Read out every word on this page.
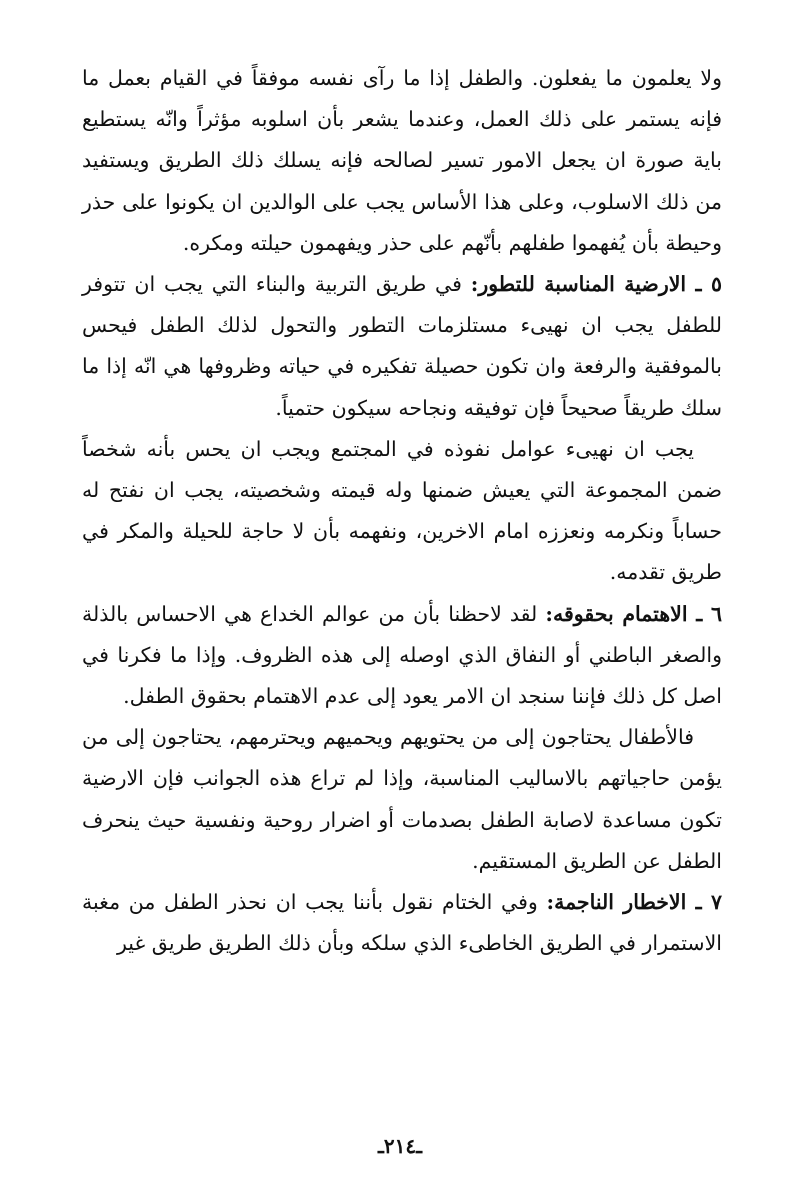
ولا يعلمون ما يفعلون. والطفل إذا ما رآى نفسه موفقاً في القيام بعمل ما فإنه يستمر على ذلك العمل، وعندما يشعر بأن اسلوبه مؤثراً وانّه يستطيع باية صورة ان يجعل الامور تسير لصالحه فإنه يسلك ذلك الطريق ويستفيد من ذلك الاسلوب، وعلى هذا الأساس يجب على الوالدين ان يكونوا على حذر وحيطة بأن يُفهموا طفلهم بأنّهم على حذر ويفهمون حيلته ومكره.

٥ ـ الارضية المناسبة للتطور: في طريق التربية والبناء التي يجب ان تتوفر للطفل يجب ان نهيىء مستلزمات التطور والتحول لذلك الطفل فيحس بالموفقية والرفعة وان تكون حصيلة تفكيره في حياته وظروفها هي انّه إذا ما سلك طريقاً صحيحاً فإن توفيقه ونجاحه سيكون حتمياً.

يجب ان نهيىء عوامل نفوذه في المجتمع ويجب ان يحس بأنه شخصاً ضمن المجموعة التي يعيش ضمنها وله قيمته وشخصيته، يجب ان نفتح له حساباً ونكرمه ونعززه امام الاخرين، ونفهمه بأن لا حاجة للحيلة والمكر في طريق تقدمه.

٦ ـ الاهتمام بحقوقه: لقد لاحظنا بأن من عوالم الخداع هي الاحساس بالذلة والصغر الباطني أو النفاق الذي اوصله إلى هذه الظروف. وإذا ما فكرنا في اصل كل ذلك فإننا سنجد ان الامر يعود إلى عدم الاهتمام بحقوق الطفل.

فالأطفال يحتاجون إلى من يحتويهم ويحميهم ويحترمهم، يحتاجون إلى من يؤمن حاجياتهم بالاساليب المناسبة، وإذا لم تراع هذه الجوانب فإن الارضية تكون مساعدة لاصابة الطفل بصدمات أو اضرار روحية ونفسية حيث ينحرف الطفل عن الطريق المستقيم.

٧ ـ الاخطار الناجمة: وفي الختام نقول بأننا يجب ان نحذر الطفل من مغبة الاستمرار في الطريق الخاطىء الذي سلكه وبأن ذلك الطريق طريق غير

ـ٢١٤ـ
